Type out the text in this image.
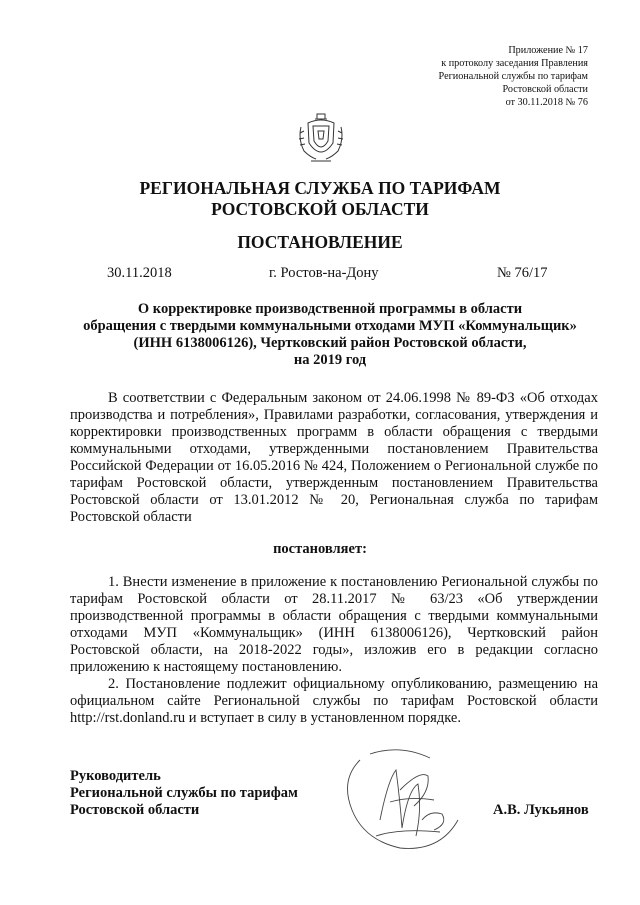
Приложение № 17
к протоколу заседания Правления
Региональной службы по тарифам
Ростовской области
от 30.11.2018 № 76
РЕГИОНАЛЬНАЯ СЛУЖБА ПО ТАРИФАМ
РОСТОВСКОЙ ОБЛАСТИ
ПОСТАНОВЛЕНИЕ
30.11.2018	г. Ростов-на-Дону	№ 76/17
О корректировке производственной программы в области
обращения с твердыми коммунальными отходами МУП «Коммунальщик»
(ИНН 6138006126), Чертковский район Ростовской области,
на 2019 год

В соответствии с Федеральным законом от 24.06.1998 № 89-ФЗ «Об отходах производства и потребления», Правилами разработки, согласования, утверждения и корректировки производственных программ в области обращения с твердыми коммунальными отходами, утвержденными постановлением Правительства Российской Федерации от 16.05.2016 № 424, Положением о Региональной службе по тарифам Ростовской области, утвержденным постановлением Правительства Ростовской области от 13.01.2012 № 20, Региональная служба по тарифам Ростовской области

постановляет:

1. Внести изменение в приложение к постановлению Региональной службы по тарифам Ростовской области от 28.11.2017 № 63/23 «Об утверждении производственной программы в области обращения с твердыми коммунальными отходами МУП «Коммунальщик» (ИНН 6138006126), Чертковский район Ростовской области, на 2018-2022 годы», изложив его в редакции согласно приложению к настоящему постановлению.

2. Постановление подлежит официальному опубликованию, размещению на официальном сайте Региональной службы по тарифам Ростовской области http://rst.donland.ru и вступает в силу в установленном порядке.

Руководитель
Региональной службы по тарифам
Ростовской области	А.В. Лукьянов
